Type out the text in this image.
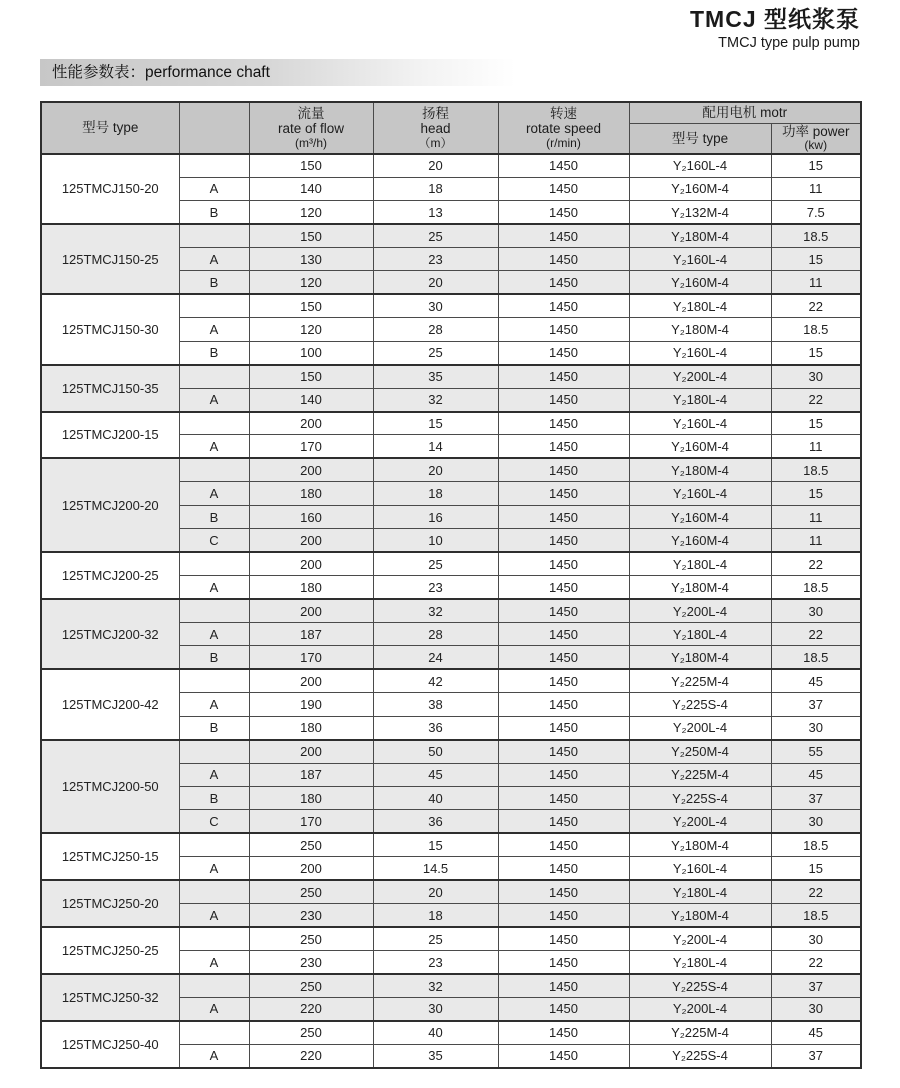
TMCJ 型纸浆泵
TMCJ type pulp pump
性能参数表：performance chaft
型号 type		流量
rate of flow
(m³/h)	扬程
head
（m）	转速
rotate speed
(r/min)	配用电机 motr	

					型号 type	功率 power
(kw)

125TMCJ150-20		150	20	1450	Y₂160L-4	15
	A	140	18	1450	Y₂160M-4	11
	B	120	13	1450	Y₂132M-4	7.5
125TMCJ150-25		150	25	1450	Y₂180M-4	18.5
	A	130	23	1450	Y₂160L-4	15
	B	120	20	1450	Y₂160M-4	11
125TMCJ150-30		150	30	1450	Y₂180L-4	22
	A	120	28	1450	Y₂180M-4	18.5
	B	100	25	1450	Y₂160L-4	15
125TMCJ150-35		150	35	1450	Y₂200L-4	30
	A	140	32	1450	Y₂180L-4	22
125TMCJ200-15		200	15	1450	Y₂160L-4	15
	A	170	14	1450	Y₂160M-4	11
125TMCJ200-20		200	20	1450	Y₂180M-4	18.5
	A	180	18	1450	Y₂160L-4	15
	B	160	16	1450	Y₂160M-4	11
	C	200	10	1450	Y₂160M-4	11
125TMCJ200-25		200	25	1450	Y₂180L-4	22
	A	180	23	1450	Y₂180M-4	18.5
125TMCJ200-32		200	32	1450	Y₂200L-4	30
	A	187	28	1450	Y₂180L-4	22
	B	170	24	1450	Y₂180M-4	18.5
125TMCJ200-42		200	42	1450	Y₂225M-4	45
	A	190	38	1450	Y₂225S-4	37
	B	180	36	1450	Y₂200L-4	30
125TMCJ200-50		200	50	1450	Y₂250M-4	55
	A	187	45	1450	Y₂225M-4	45
	B	180	40	1450	Y₂225S-4	37
	C	170	36	1450	Y₂200L-4	30
125TMCJ250-15		250	15	1450	Y₂180M-4	18.5
	A	200	14.5	1450	Y₂160L-4	15
125TMCJ250-20		250	20	1450	Y₂180L-4	22
	A	230	18	1450	Y₂180M-4	18.5
125TMCJ250-25		250	25	1450	Y₂200L-4	30
	A	230	23	1450	Y₂180L-4	22
125TMCJ250-32		250	32	1450	Y₂225S-4	37
	A	220	30	1450	Y₂200L-4	30
125TMCJ250-40		250	40	1450	Y₂225M-4	45
	A	220	35	1450	Y₂225S-4	37
